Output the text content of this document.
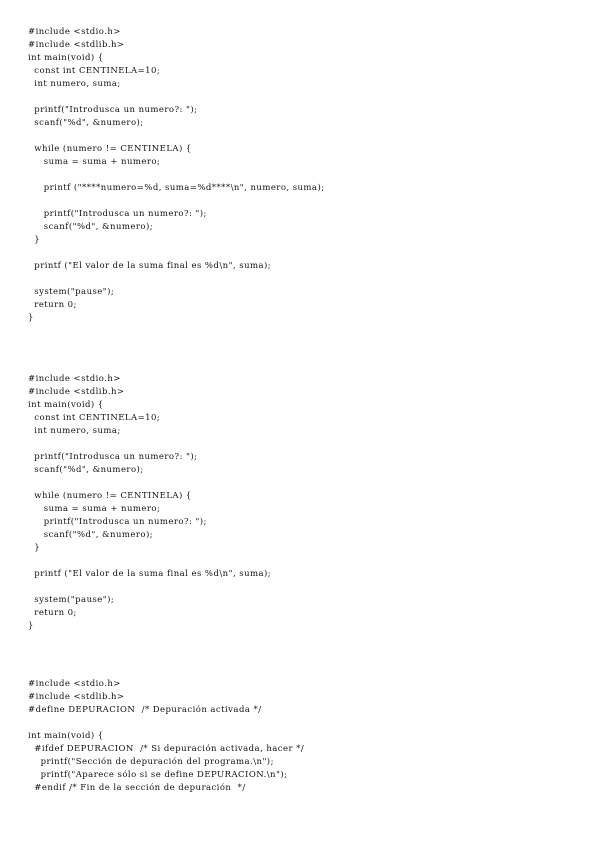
#include <stdio.h>
#include <stdlib.h>
int main(void) {
const int CENTINELA=10;
int numero, suma;
printf("Introdusca un numero?: ");
scanf("%d", &numero);
while (numero != CENTINELA) {
suma = suma + numero;
printf ("****numero=%d, suma=%d****\n", numero, suma);
printf("Introdusca un numero?: ");
scanf("%d", &numero);
}
printf ("El valor de la suma final es %d\n", suma);
system("pause");
return 0;
}
#include <stdio.h>
#include <stdlib.h>
int main(void) {
const int CENTINELA=10;
int numero, suma;
printf("Introdusca un numero?: ");
scanf("%d", &numero);
while (numero != CENTINELA) {
suma = suma + numero;
printf("Introdusca un numero?: ");
scanf("%d", &numero);
}
printf ("El valor de la suma final es %d\n", suma);
system("pause");
return 0;
}
#include <stdio.h>
#include <stdlib.h>
#define DEPURACION  /* Depuración activada */
int main(void) {
#ifdef DEPURACION  /* Si depuración activada, hacer */
printf("Sección de depuración del programa.\n");
printf("Aparece sólo si se define DEPURACION.\n");
#endif /* Fin de la sección de depuración  */
